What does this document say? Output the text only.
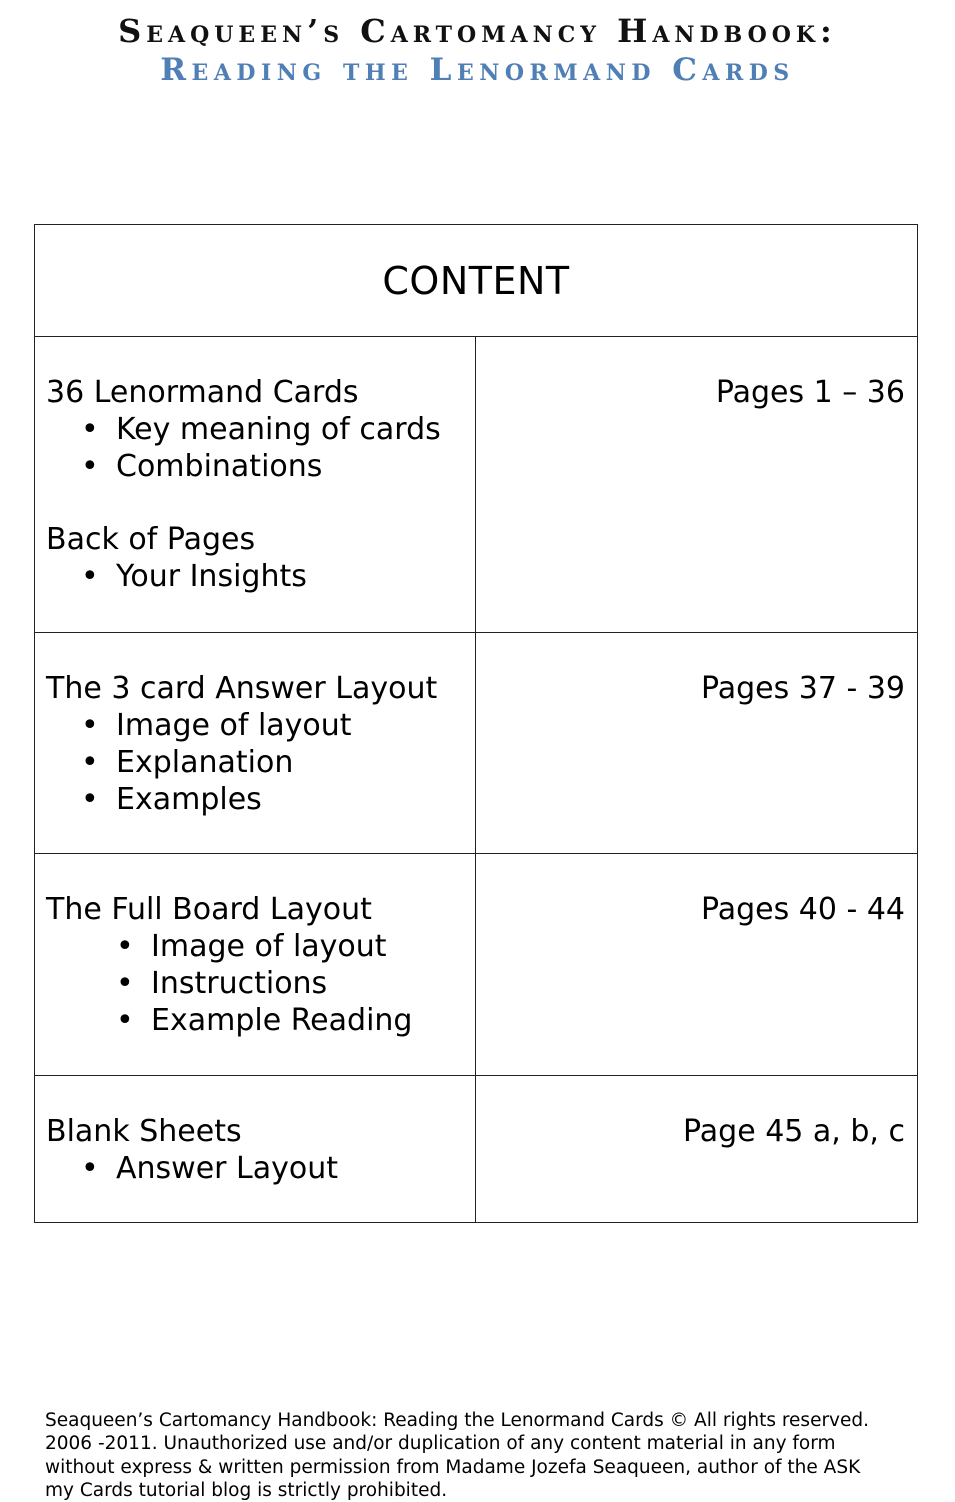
Seaqueen’s Cartomancy Handbook:
Reading the Lenormand Cards
CONTENT
36 Lenormand Cards
• Key meaning of cards
• Combinations
Back of Pages
• Your Insights
Pages 1 – 36
The 3 card Answer Layout
• Image of layout
• Explanation
• Examples
Pages 37 - 39
The Full Board Layout
• Image of layout
• Instructions
• Example Reading
Pages 40 - 44
Blank Sheets
• Answer Layout
Page 45 a, b, c
Seaqueen’s Cartomancy Handbook: Reading the Lenormand Cards © All rights reserved.
2006 -2011. Unauthorized use and/or duplication of any content material in any form
without express & written permission from Madame Jozefa Seaqueen, author of the ASK
my Cards tutorial blog is strictly prohibited.
